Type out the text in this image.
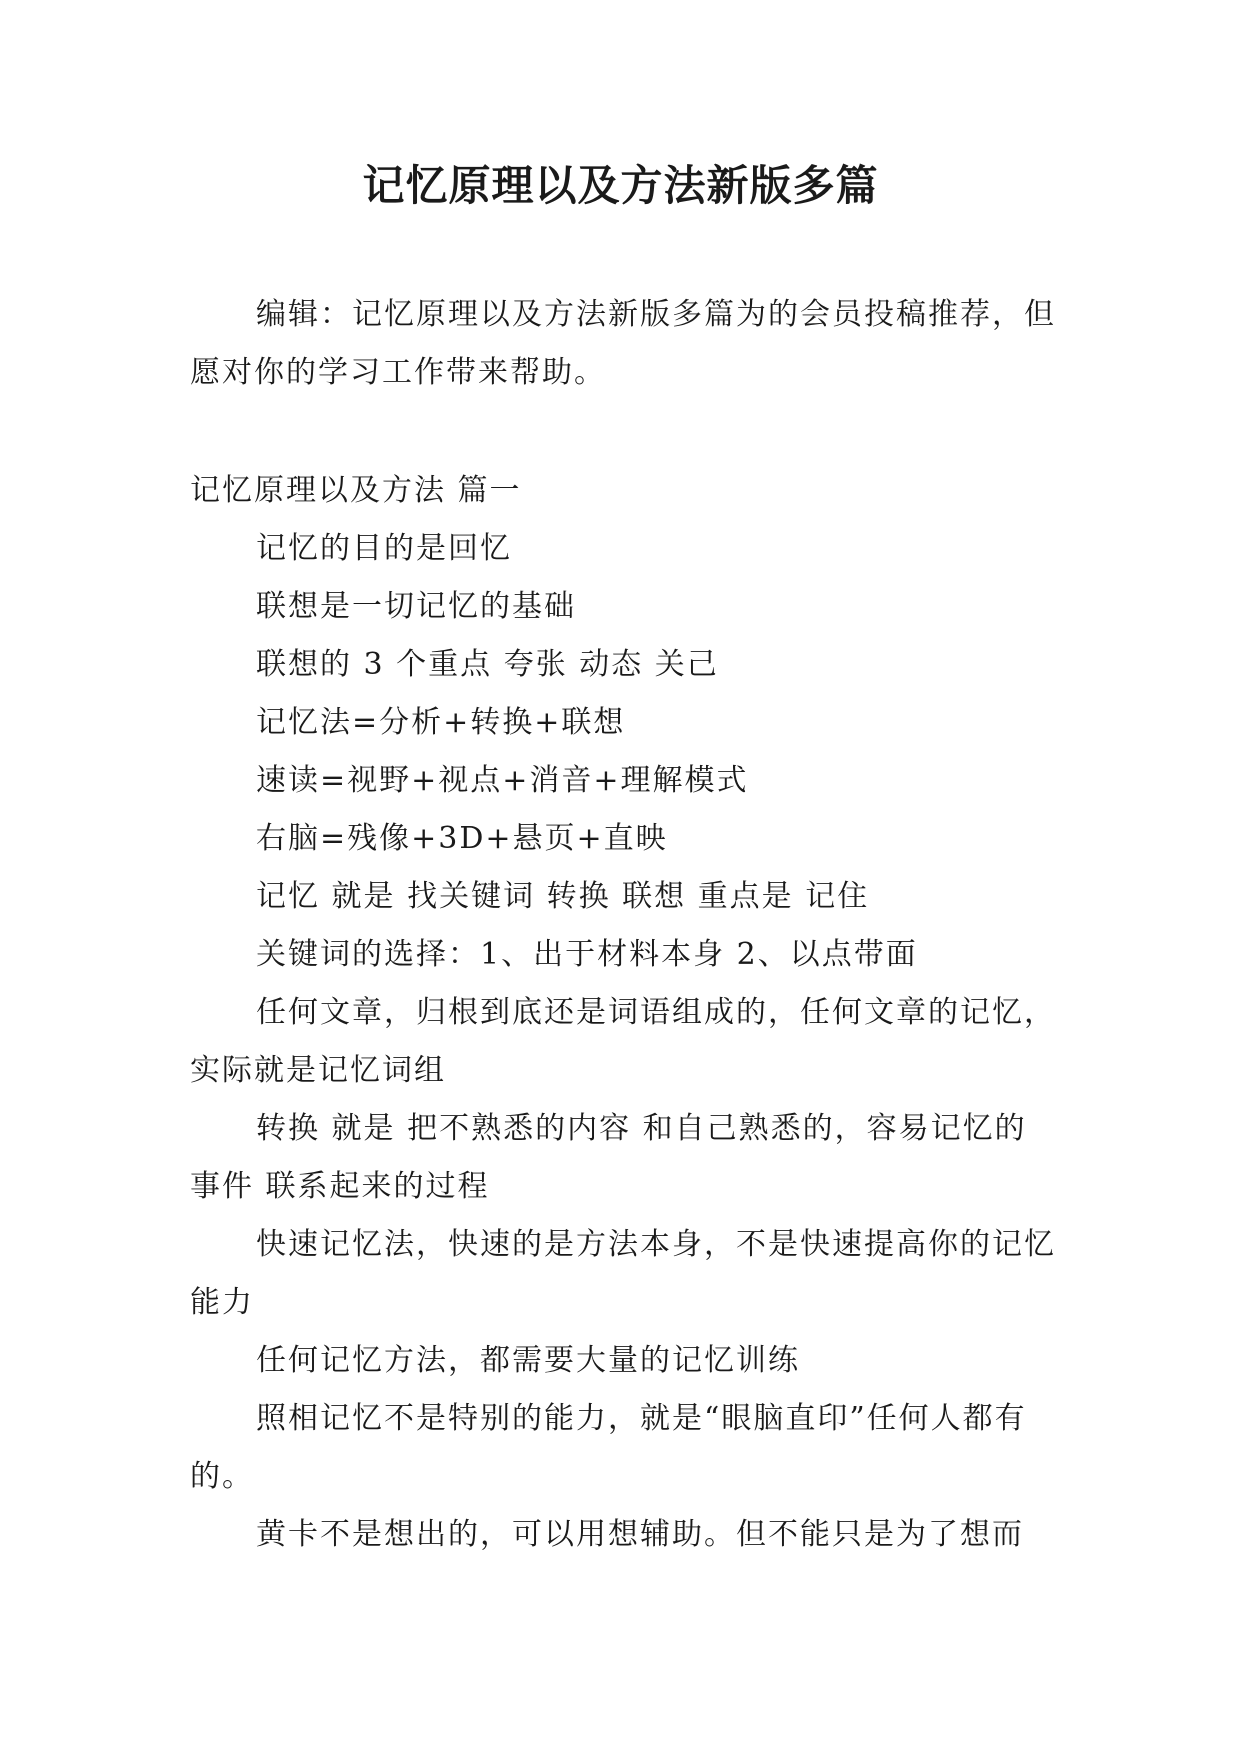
记忆原理以及方法新版多篇

编辑：记忆原理以及方法新版多篇为的会员投稿推荐，但愿对你的学习工作带来帮助。

记忆原理以及方法 篇一

记忆的目的是回忆

联想是一切记忆的基础

联想的 3 个重点 夸张 动态 关己

记忆法=分析+转换+联想

速读=视野+视点+消音+理解模式

右脑=残像+3D+悬页+直映

记忆 就是 找关键词 转换 联想 重点是 记住

关键词的选择：1、出于材料本身 2、以点带面

任何文章，归根到底还是词语组成的，任何文章的记忆，实际就是记忆词组

转换 就是 把不熟悉的内容 和自己熟悉的，容易记忆的事件 联系起来的过程

快速记忆法，快速的是方法本身，不是快速提高你的记忆能力

任何记忆方法，都需要大量的记忆训练

照相记忆不是特别的能力，就是“眼脑直印”任何人都有的。

黄卡不是想出的，可以用想辅助。但不能只是为了想而
